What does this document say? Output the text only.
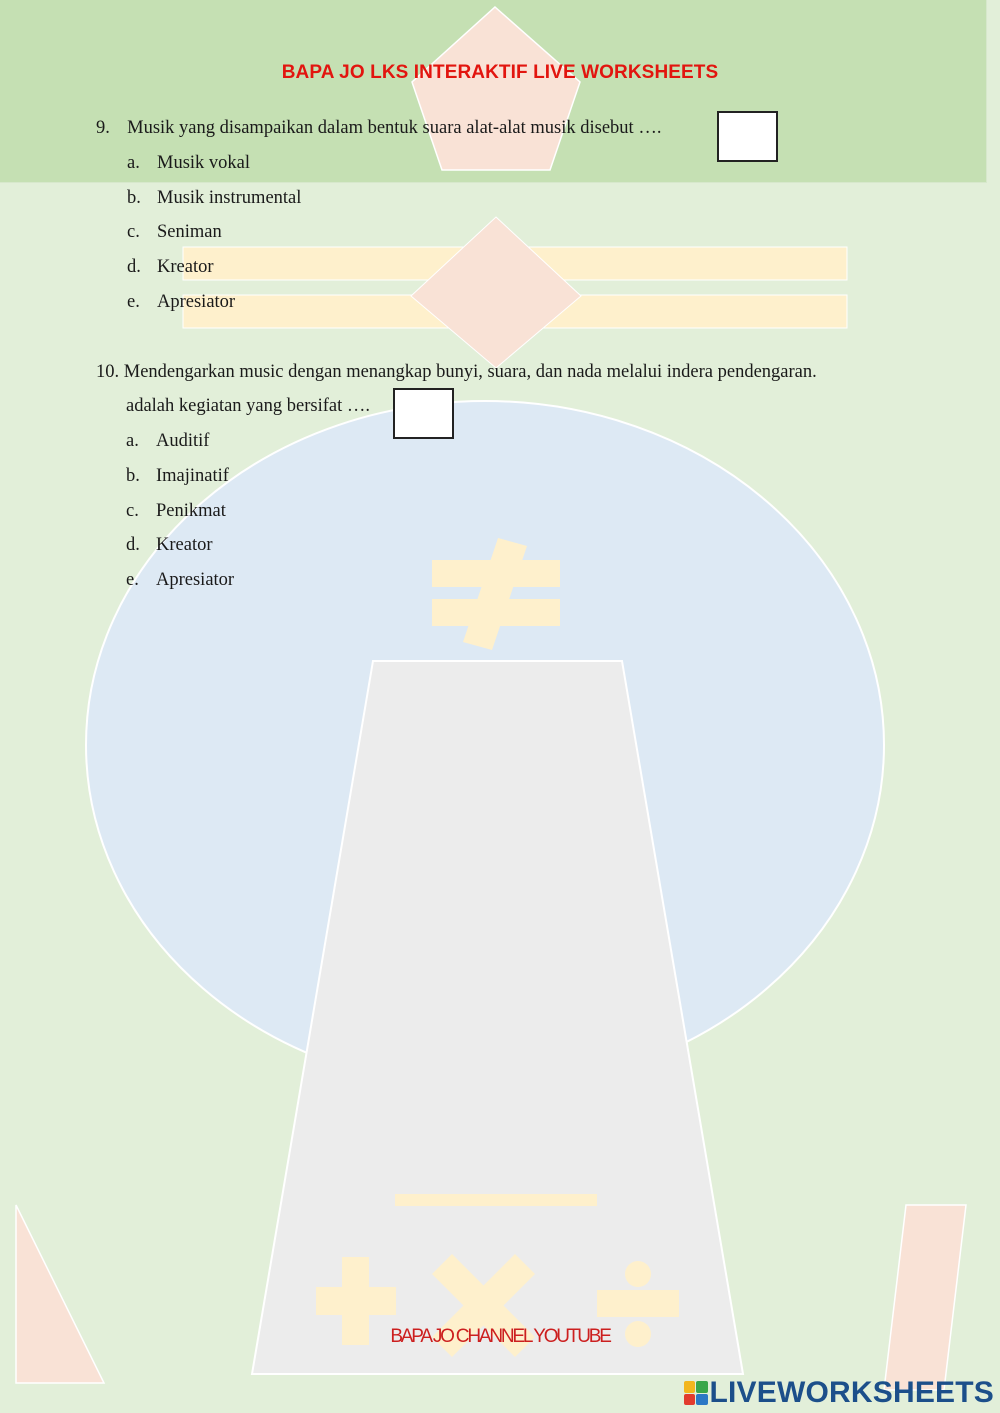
BAPA JO LKS INTERAKTIF LIVE WORKSHEETS
9. Musik yang disampaikan dalam bentuk suara alat-alat musik disebut ….
a. Musik vokal
b. Musik instrumental
c. Seniman
d. Kreator
e. Apresiator
10. Mendengarkan music dengan menangkap bunyi, suara, dan nada melalui indera pendengaran.
adalah kegiatan yang bersifat ….
a. Auditif
b. Imajinatif
c. Penikmat
d. Kreator
e. Apresiator
BAPA JO CHANNEL YOUTUBE
LIVEWORKSHEETS
